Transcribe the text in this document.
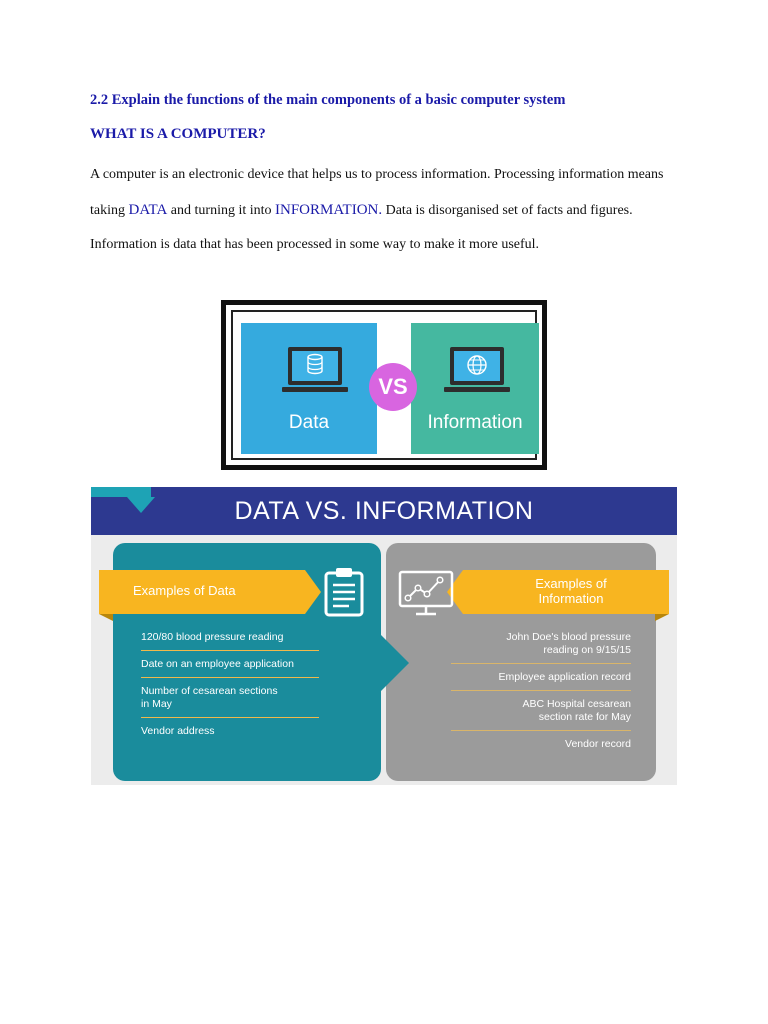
2.2 Explain the functions of the main components of a basic computer system
WHAT IS A COMPUTER?
A computer is an electronic device that helps us to process information. Processing information means taking DATA and turning it into INFORMATION. Data is disorganised set of facts and figures. Information is data that has been processed in some way to make it more useful.
Data	Information
VS
DATA VS. INFORMATION
Examples of Data	Examples of
Information
120/80 blood pressure reading
Date on an employee application
Number of cesarean sections
in May
Vendor address
John Doe's blood pressure
reading on 9/15/15
Employee application record
ABC Hospital cesarean
section rate for May
Vendor record
